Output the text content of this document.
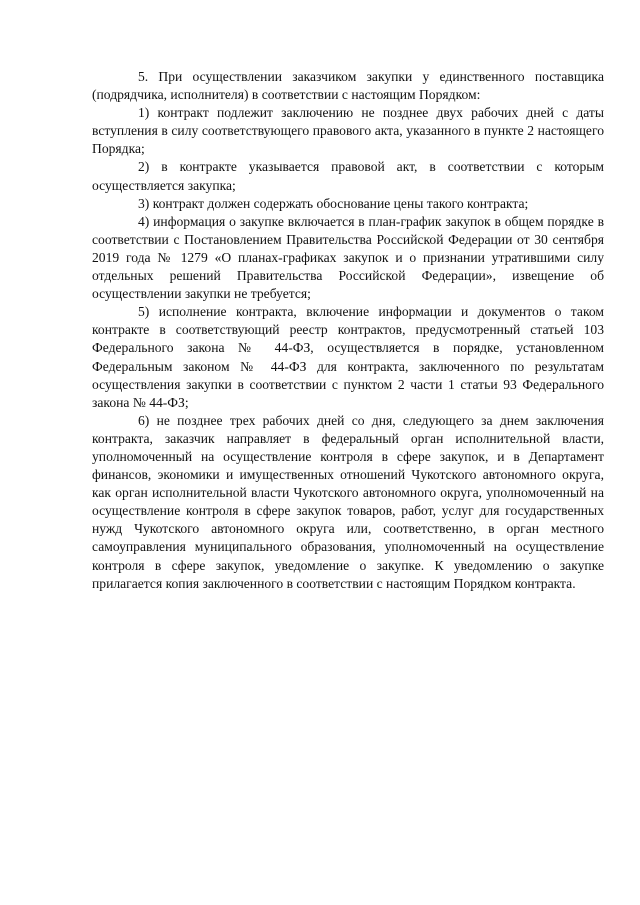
5. При осуществлении заказчиком закупки у единственного поставщика (подрядчика, исполнителя) в соответствии с настоящим Порядком:

1) контракт подлежит заключению не позднее двух рабочих дней с даты вступления в силу соответствующего правового акта, указанного в пункте 2 настоящего Порядка;

2) в контракте указывается правовой акт, в соответствии с которым осуществляется закупка;

3) контракт должен содержать обоснование цены такого контракта;

4) информация о закупке включается в план-график закупок в общем порядке в соответствии с Постановлением Правительства Российской Федерации от 30 сентября 2019 года № 1279 «О планах-графиках закупок и о признании утратившими силу отдельных решений Правительства Российской Федерации», извещение об осуществлении закупки не требуется;

5) исполнение контракта, включение информации и документов о таком контракте в соответствующий реестр контрактов, предусмотренный статьей 103 Федерального закона № 44-ФЗ, осуществляется в порядке, установленном Федеральным законом № 44-ФЗ для контракта, заключенного по результатам осуществления закупки в соответствии с пунктом 2 части 1 статьи 93 Федерального закона № 44-ФЗ;

6) не позднее трех рабочих дней со дня, следующего за днем заключения контракта, заказчик направляет в федеральный орган исполнительной власти, уполномоченный на осуществление контроля в сфере закупок, и в Департамент финансов, экономики и имущественных отношений Чукотского автономного округа, как орган исполнительной власти Чукотского автономного округа, уполномоченный на осуществление контроля в сфере закупок товаров, работ, услуг для государственных нужд Чукотского автономного округа или, соответственно, в орган местного самоуправления муниципального образования, уполномоченный на осуществление контроля в сфере закупок, уведомление о закупке. К уведомлению о закупке прилагается копия заключенного в соответствии с настоящим Порядком контракта.
